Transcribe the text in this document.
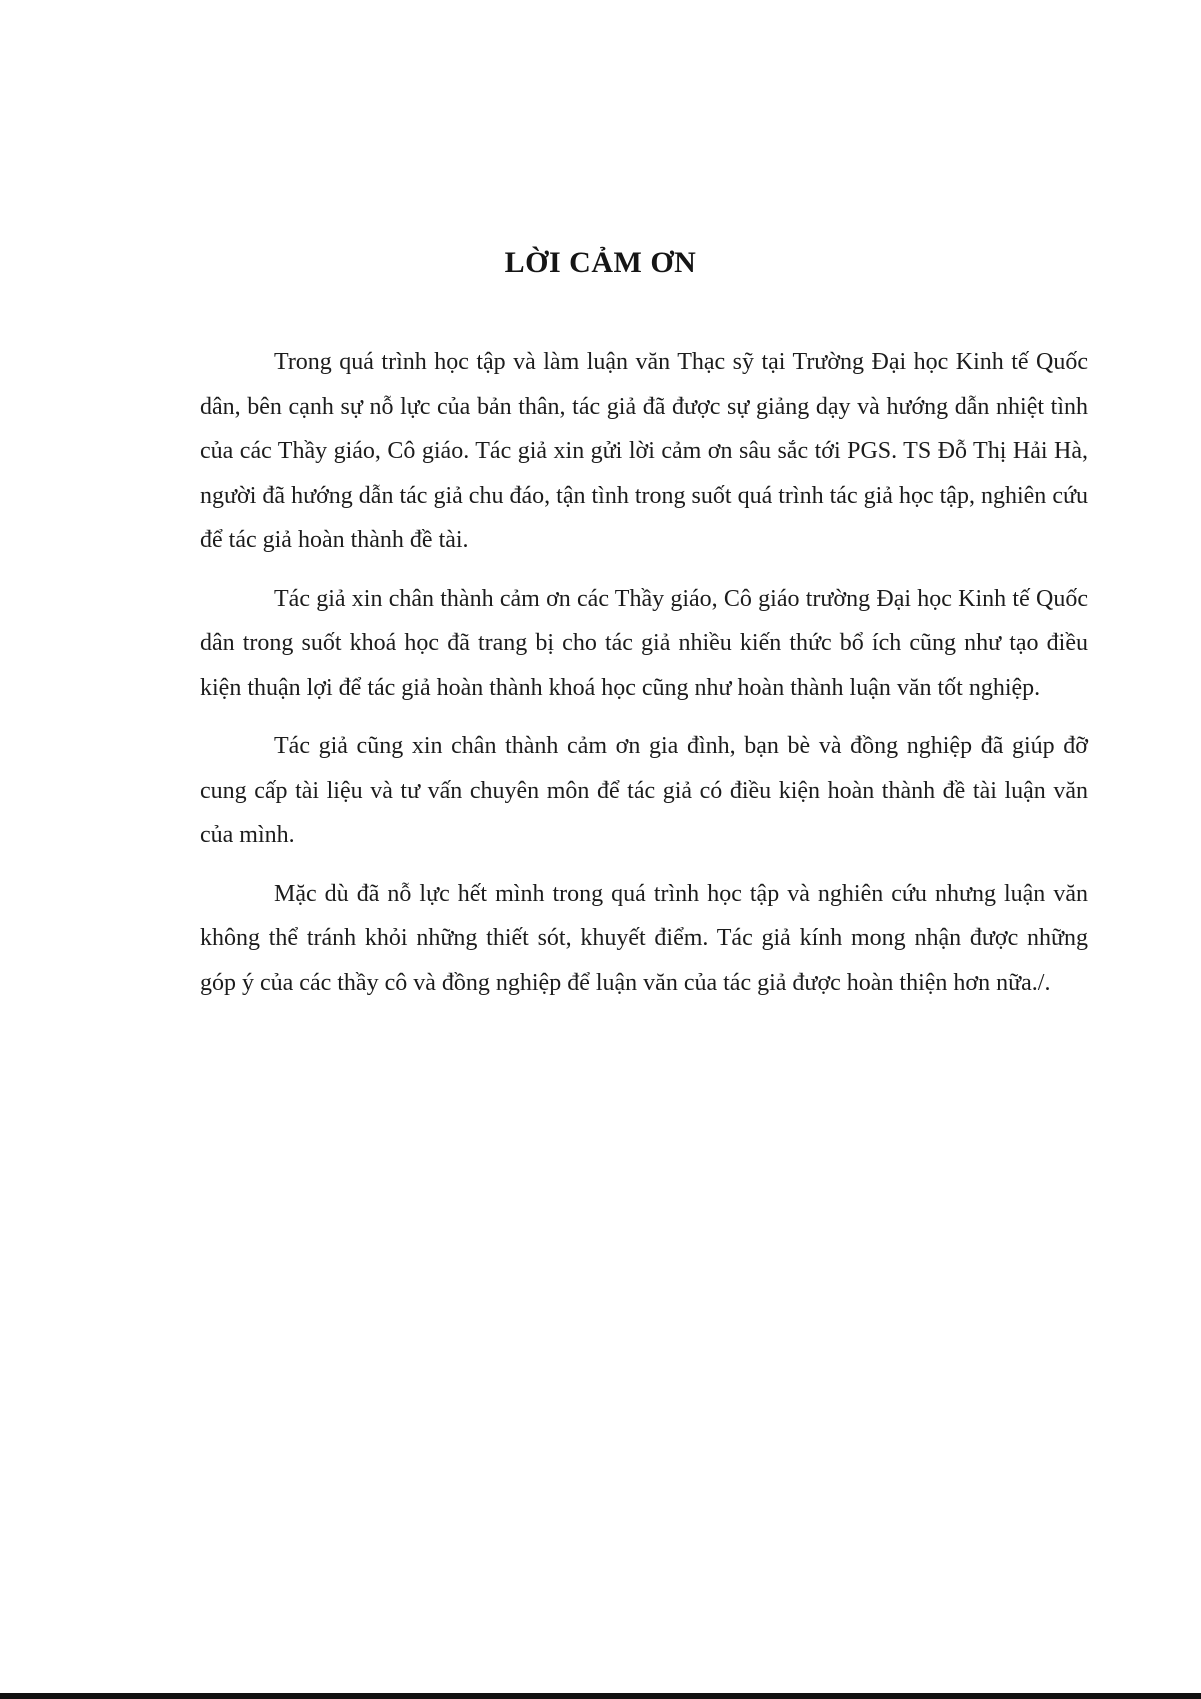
LỜI CẢM ƠN

Trong quá trình học tập và làm luận văn Thạc sỹ tại Trường Đại học Kinh tế Quốc dân, bên cạnh sự nỗ lực của bản thân, tác giả đã được sự giảng dạy và hướng dẫn nhiệt tình của các Thầy giáo, Cô giáo. Tác giả xin gửi lời cảm ơn sâu sắc tới PGS. TS Đỗ Thị Hải Hà, người đã hướng dẫn tác giả chu đáo, tận tình trong suốt quá trình tác giả học tập, nghiên cứu để tác giả hoàn thành đề tài.

Tác giả xin chân thành cảm ơn các Thầy giáo, Cô giáo trường Đại học Kinh tế Quốc dân trong suốt khoá học đã trang bị cho tác giả nhiều kiến thức bổ ích cũng như tạo điều kiện thuận lợi để tác giả hoàn thành khoá học cũng như hoàn thành luận văn tốt nghiệp.

Tác giả cũng xin chân thành cảm ơn gia đình, bạn bè và đồng nghiệp đã giúp đỡ cung cấp tài liệu và tư vấn chuyên môn để tác giả có điều kiện hoàn thành đề tài luận văn của mình.

Mặc dù đã nỗ lực hết mình trong quá trình học tập và nghiên cứu nhưng luận văn không thể tránh khỏi những thiết sót, khuyết điểm. Tác giả kính mong nhận được những góp ý của các thầy cô và đồng nghiệp để luận văn của tác giả được hoàn thiện hơn nữa./.
